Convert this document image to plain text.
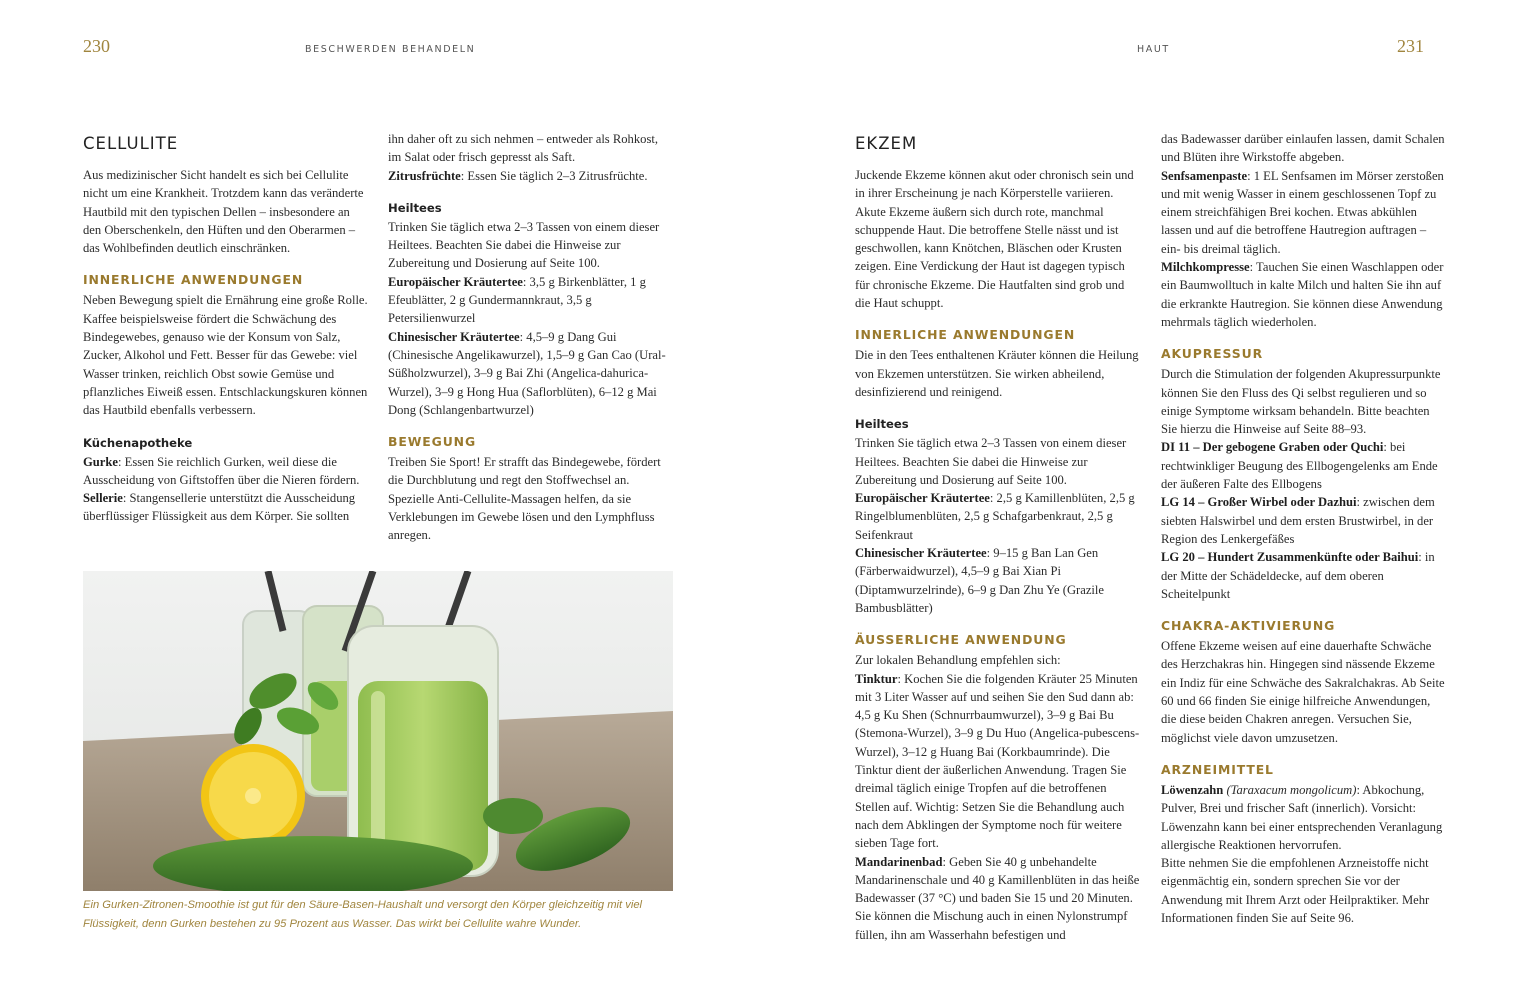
230	BESCHWERDEN BEHANDELN
CELLULITE

Aus medizinischer Sicht handelt es sich bei Cellulite nicht um eine Krankheit. Trotzdem kann das veränderte Hautbild mit den typischen Dellen – insbesondere an den Oberschenkeln, den Hüften und den Oberarmen – das Wohlbefinden deutlich einschränken.

INNERLICHE ANWENDUNGEN

Neben Bewegung spielt die Ernährung eine große Rolle. Kaffee beispielsweise fördert die Schwächung des Bindegewebes, genauso wie der Konsum von Salz, Zucker, Alkohol und Fett. Besser für das Gewebe: viel Wasser trinken, reichlich Obst sowie Gemüse und pflanzliches Eiweiß essen. Entschlackungskuren können das Hautbild ebenfalls verbessern.

Küchenapotheke

Gurke: Essen Sie reichlich Gurken, weil diese die Ausscheidung von Giftstoffen über die Nieren fördern.

Sellerie: Stangensellerie unterstützt die Ausscheidung überflüssiger Flüssigkeit aus dem Körper. Sie sollten

ihn daher oft zu sich nehmen – entweder als Rohkost, im Salat oder frisch gepresst als Saft.

Zitrusfrüchte: Essen Sie täglich 2–3 Zitrusfrüchte.

Heiltees

Trinken Sie täglich etwa 2–3 Tassen von einem dieser Heiltees. Beachten Sie dabei die Hinweise zur Zubereitung und Dosierung auf Seite 100.

Europäischer Kräutertee: 3,5 g Birkenblätter, 1 g Efeublätter, 2 g Gundermannkraut, 3,5 g Petersilienwurzel

Chinesischer Kräutertee: 4,5–9 g Dang Gui (Chinesische Angelikawurzel), 1,5–9 g Gan Cao (Ural-Süßholzwurzel), 3–9 g Bai Zhi (Angelica-dahurica-Wurzel), 3–9 g Hong Hua (Saflorblüten), 6–12 g Mai Dong (Schlangenbartwurzel)

BEWEGUNG

Treiben Sie Sport! Er strafft das Bindegewebe, fördert die Durchblutung und regt den Stoffwechsel an. Spezielle Anti-Cellulite-Massagen helfen, da sie Verklebungen im Gewebe lösen und den Lymphfluss anregen.

Ein Gurken-Zitronen-Smoothie ist gut für den Säure-Basen-Haushalt und versorgt den Körper gleichzeitig mit viel Flüssigkeit, denn Gurken bestehen zu 95 Prozent aus Wasser. Das wirkt bei Cellulite wahre Wunder.
HAUT	231
EKZEM

Juckende Ekzeme können akut oder chronisch sein und in ihrer Erscheinung je nach Körperstelle variieren. Akute Ekzeme äußern sich durch rote, manchmal schuppende Haut. Die betroffene Stelle nässt und ist geschwollen, kann Knötchen, Bläschen oder Krusten zeigen. Eine Verdickung der Haut ist dagegen typisch für chronische Ekzeme. Die Hautfalten sind grob und die Haut schuppt.

INNERLICHE ANWENDUNGEN

Die in den Tees enthaltenen Kräuter können die Heilung von Ekzemen unterstützen. Sie wirken abheilend, desinfizierend und reinigend.

Heiltees

Trinken Sie täglich etwa 2–3 Tassen von einem dieser Heiltees. Beachten Sie dabei die Hinweise zur Zubereitung und Dosierung auf Seite 100.

Europäischer Kräutertee: 2,5 g Kamillenblüten, 2,5 g Ringelblumenblüten, 2,5 g Schafgarbenkraut, 2,5 g Seifenkraut

Chinesischer Kräutertee: 9–15 g Ban Lan Gen (Färberwaidwurzel), 4,5–9 g Bai Xian Pi (Diptamwurzelrinde), 6–9 g Dan Zhu Ye (Grazile Bambusblätter)

ÄUSSERLICHE ANWENDUNG

Zur lokalen Behandlung empfehlen sich:

Tinktur: Kochen Sie die folgenden Kräuter 25 Minuten mit 3 Liter Wasser auf und seihen Sie den Sud dann ab: 4,5 g Ku Shen (Schnurrbaumwurzel), 3–9 g Bai Bu (Stemona-Wurzel), 3–9 g Du Huo (Angelica-pubescens-Wurzel), 3–12 g Huang Bai (Korkbaumrinde). Die Tinktur dient der äußerlichen Anwendung. Tragen Sie dreimal täglich einige Tropfen auf die betroffenen Stellen auf. Wichtig: Setzen Sie die Behandlung auch nach dem Abklingen der Symptome noch für weitere sieben Tage fort.

Mandarinenbad: Geben Sie 40 g unbehandelte Mandarinenschale und 40 g Kamillenblüten in das heiße Badewasser (37 °C) und baden Sie 15 und 20 Minuten. Sie können die Mischung auch in einen Nylonstrumpf füllen, ihn am Wasserhahn befestigen und

das Badewasser darüber einlaufen lassen, damit Schalen und Blüten ihre Wirkstoffe abgeben.

Senfsamenpaste: 1 EL Senfsamen im Mörser zerstoßen und mit wenig Wasser in einem geschlossenen Topf zu einem streichfähigen Brei kochen. Etwas abkühlen lassen und auf die betroffene Hautregion auftragen – ein- bis dreimal täglich.

Milchkompresse: Tauchen Sie einen Waschlappen oder ein Baumwolltuch in kalte Milch und halten Sie ihn auf die erkrankte Hautregion. Sie können diese Anwendung mehrmals täglich wiederholen.

AKUPRESSUR

Durch die Stimulation der folgenden Akupressurpunkte können Sie den Fluss des Qi selbst regulieren und so einige Symptome wirksam behandeln. Bitte beachten Sie hierzu die Hinweise auf Seite 88–93.

DI 11 – Der gebogene Graben oder Quchi: bei rechtwinkliger Beugung des Ellbogengelenks am Ende der äußeren Falte des Ellbogens

LG 14 – Großer Wirbel oder Dazhui: zwischen dem siebten Halswirbel und dem ersten Brustwirbel, in der Region des Lenkergefäßes

LG 20 – Hundert Zusammenkünfte oder Baihui: in der Mitte der Schädeldecke, auf dem oberen Scheitelpunkt

CHAKRA-AKTIVIERUNG

Offene Ekzeme weisen auf eine dauerhafte Schwäche des Herzchakras hin. Hingegen sind nässende Ekzeme ein Indiz für eine Schwäche des Sakralchakras. Ab Seite 60 und 66 finden Sie einige hilfreiche Anwendungen, die diese beiden Chakren anregen. Versuchen Sie, möglichst viele davon umzusetzen.

ARZNEIMITTEL

Löwenzahn (Taraxacum mongolicum): Abkochung, Pulver, Brei und frischer Saft (innerlich). Vorsicht: Löwenzahn kann bei einer entsprechenden Veranlagung allergische Reaktionen hervorrufen.

Bitte nehmen Sie die empfohlenen Arzneistoffe nicht eigenmächtig ein, sondern sprechen Sie vor der Anwendung mit Ihrem Arzt oder Heilpraktiker. Mehr Informationen finden Sie auf Seite 96.
